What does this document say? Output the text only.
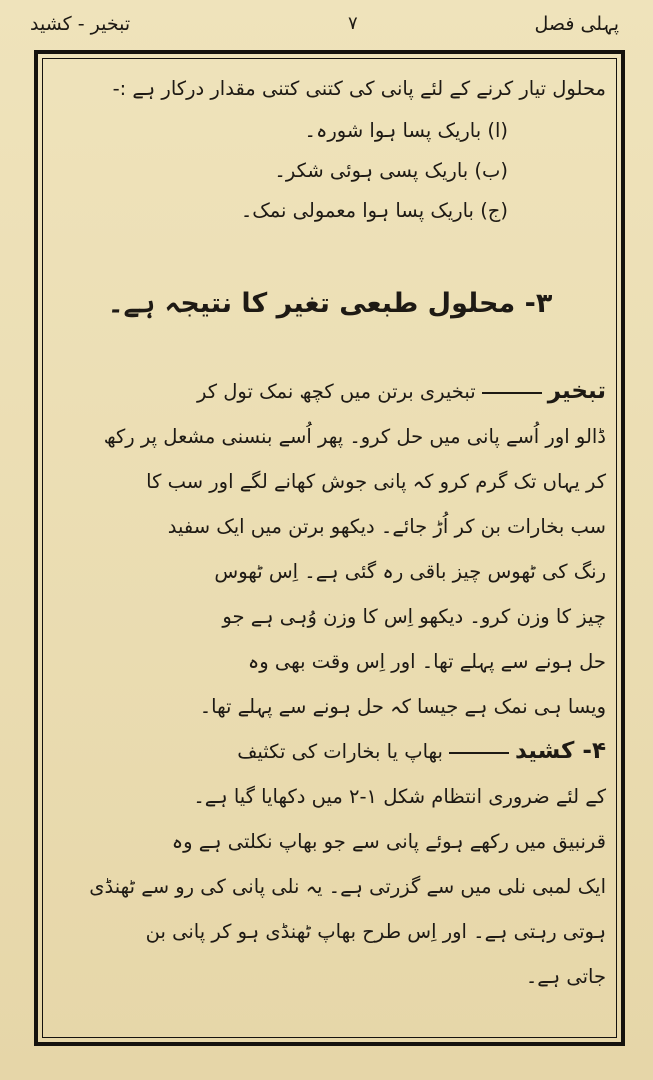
پہلی فصل
۷
تبخیر - کشید

محلول تیار کرنے کے لئے پانی کی کتنی کتنی مقدار درکار ہے :-

(ا) باریک پسا ہوا شورہ۔
(ب) باریک پسی ہوئی شکر۔
(ج) باریک پسا ہوا معمولی نمک۔
۳- محلول طبعی تغیر کا نتیجہ ہے۔

تبخیرتبخیری برتن میں کچھ نمک تول کر

ڈالو اور اُسے پانی میں حل کرو۔ پھر اُسے بنسنی مشعل پر رکھ

کر یہاں تک گرم کرو کہ پانی جوش کھانے لگے اور سب کا

سب بخارات بن کر اُڑ جائے۔ دیکھو برتن میں ایک سفید

رنگ کی ٹھوس چیز باقی رہ گئی ہے۔ اِس ٹھوس

چیز کا وزن کرو۔ دیکھو اِس کا وزن وُہی ہے جو

حل ہونے سے پہلے تھا۔ اور اِس وقت بھی وہ

ویسا ہی نمک ہے جیسا کہ حل ہونے سے پہلے تھا۔

۴- کشیدبھاپ یا بخارات کی تکثیف

کے لئے ضروری انتظام شکل ۱-۲ میں دکھایا گیا ہے۔

قرنبیق میں رکھے ہوئے پانی سے جو بھاپ نکلتی ہے وہ

ایک لمبی نلی میں سے گزرتی ہے۔ یہ نلی پانی کی رو سے ٹھنڈی

ہوتی رہتی ہے۔ اور اِس طرح بھاپ ٹھنڈی ہو کر پانی بن

جاتی ہے۔
